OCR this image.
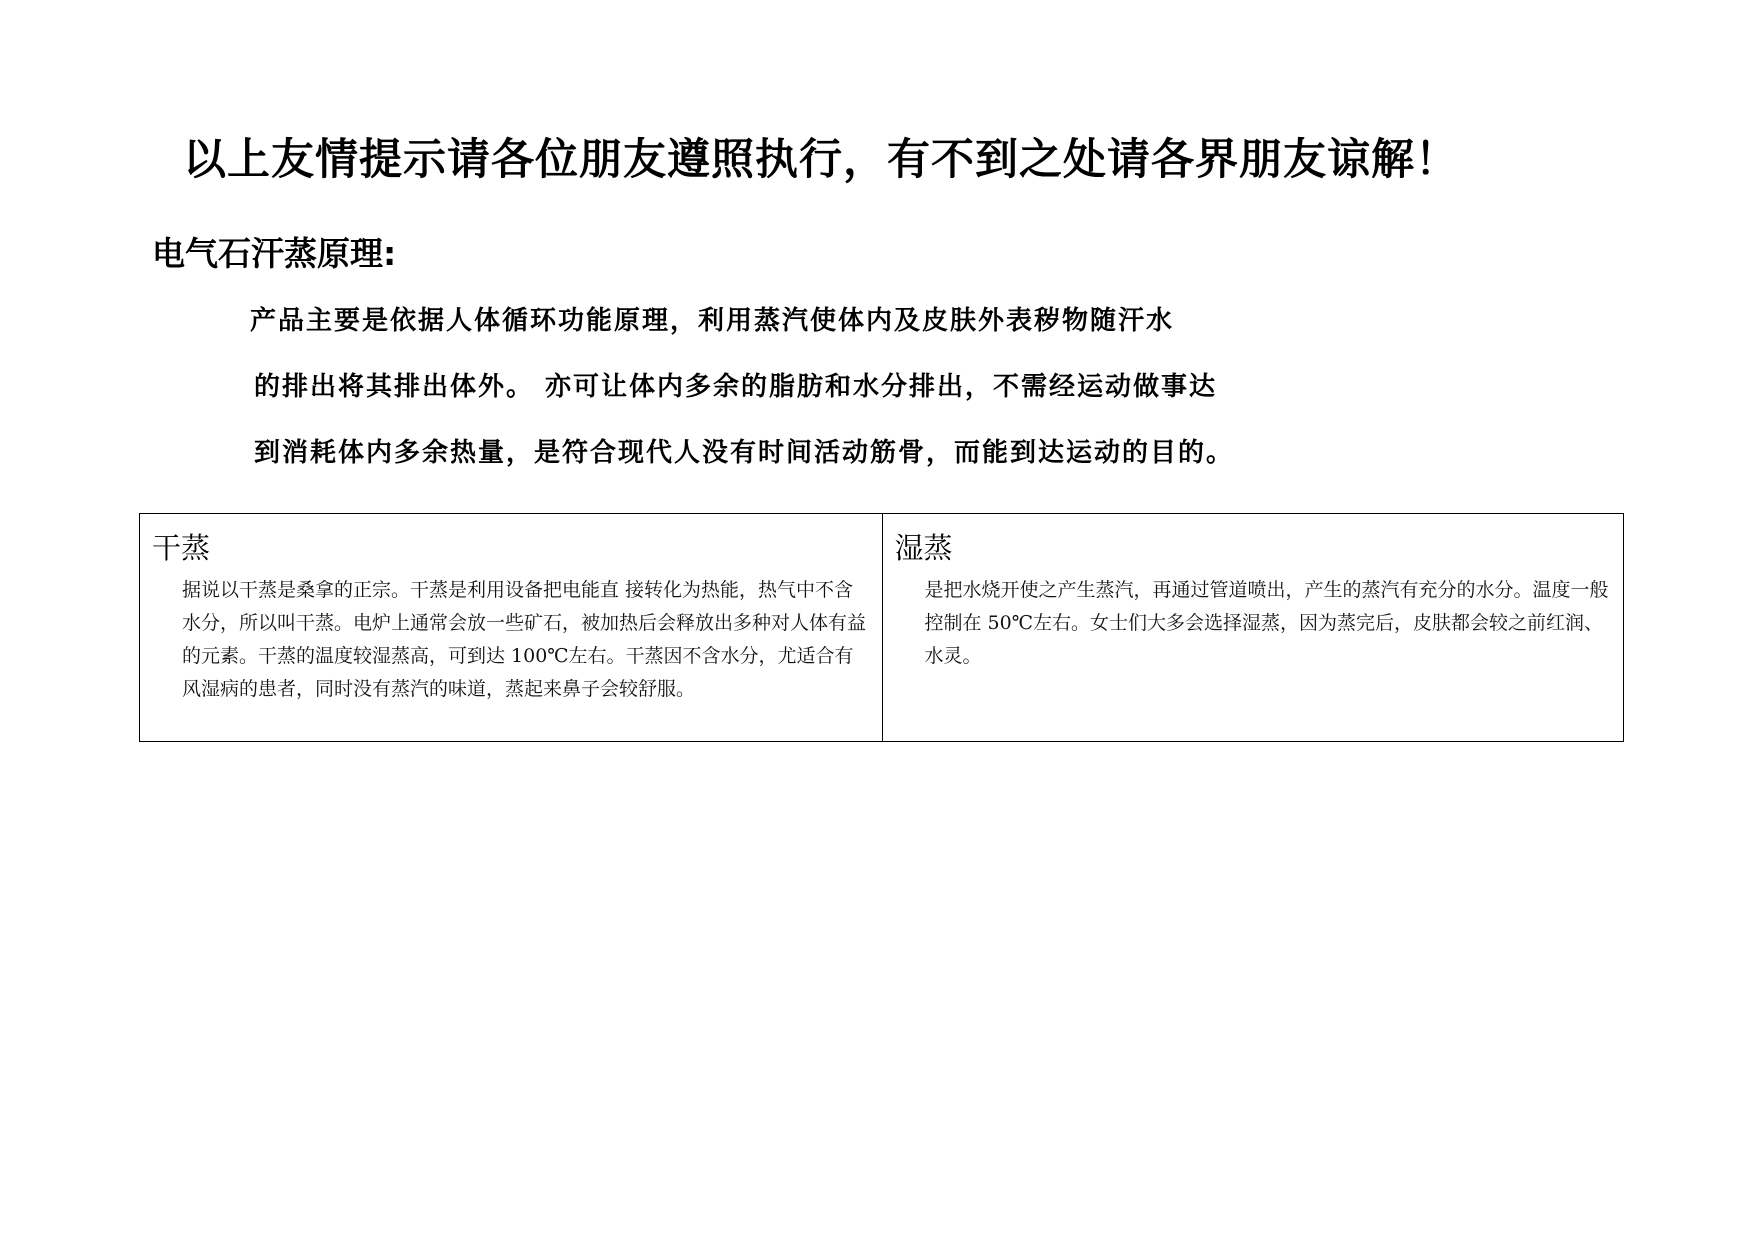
以上友情提示请各位朋友遵照执行，有不到之处请各界朋友谅解！
电气石汗蒸原理:
产品主要是依据人体循环功能原理，利用蒸汽使体内及皮肤外表秽物随汗水
的排出将其排出体外。 亦可让体内多余的脂肪和水分排出，不需经运动做事达
到消耗体内多余热量，是符合现代人没有时间活动筋骨，而能到达运动的目的。
干蒸
据说以干蒸是桑拿的正宗。干蒸是利用设备把电能直 接转化为热能，热气中不含水分，所以叫干蒸。电炉上通常会放一些矿石，被加热后会释放出多种对人体有益的元素。干蒸的温度较湿蒸高，可到达 100℃左右。干蒸因不含水分，尤适合有风湿病的患者，同时没有蒸汽的味道，蒸起来鼻子会较舒服。
湿蒸
是把水烧开使之产生蒸汽，再通过管道喷出，产生的蒸汽有充分的水分。温度一般控制在 50℃左右。女士们大多会选择湿蒸，因为蒸完后，皮肤都会较之前红润、水灵。
